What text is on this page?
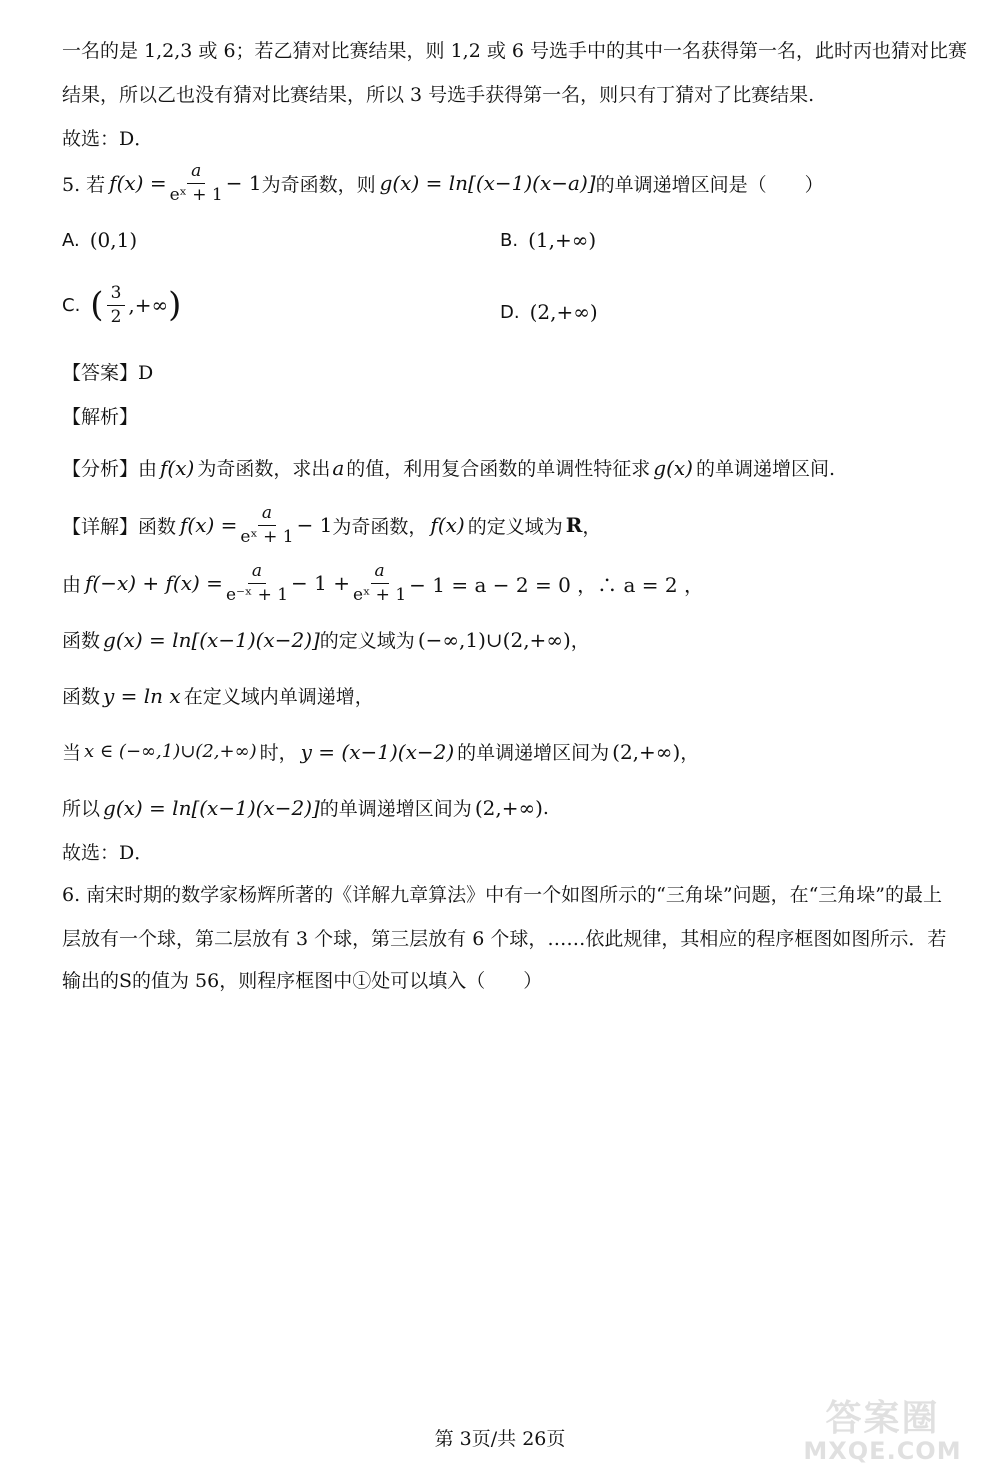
一名的是 1,2,3 或 6；若乙猜对比赛结果，则 1,2 或 6 号选手中的其中一名获得第一名，此时丙也猜对比赛
结果，所以乙也没有猜对比赛结果，所以 3 号选手获得第一名，则只有丁猜对了比赛结果.
故选：D．
5. 若 $f(x) = \frac{a}{\text{eˣ + 1}} - 1$ 为奇函数，则 g(x) = ln[(x−1)(x−a)] 的单调递增区间是（　　）
A. (0,1)	B. (1,+∞)
C. ( $\frac{3}{2}$ ,+∞ )	D. (2,+∞)
【答案】D
【解析】
【分析】由 f(x) 为奇函数，求出 a 的值，利用复合函数的单调性特征求 g(x) 的单调递增区间.
【详解】函数 $f(x) = \frac{a}{\text{eˣ + 1}} - 1$ 为奇函数， f(x) 的定义域为 R ，
由 $f(-x) + f(x) = \frac{a}{\text{e⁻ˣ + 1}} - 1 + \frac{a}{\text{eˣ + 1}} - 1 = a - 2 = 0$ ，∴ a = 2 ，
函数 g(x) = ln[(x−1)(x−2)] 的定义域为 (−∞,1)∪(2,+∞) ，
函数 y = ln x 在定义域内单调递增，
当 x ∈ (−∞,1)∪(2,+∞) 时， y = (x−1)(x−2) 的单调递增区间为 (2,+∞) ，
所以 g(x) = ln[(x−1)(x−2)] 的单调递增区间为 (2,+∞) .
故选：D．
6. 南宋时期的数学家杨辉所著的《详解九章算法》中有一个如图所示的“三角垛”问题，在“三角垛”的最上
层放有一个球，第二层放有 3 个球，第三层放有 6 个球，……依此规律，其相应的程序框图如图所示．若
输出的S的值为 56，则程序框图中①处可以填入（　　）
第 3页/共 26页	答案圈
MXQE.COM
